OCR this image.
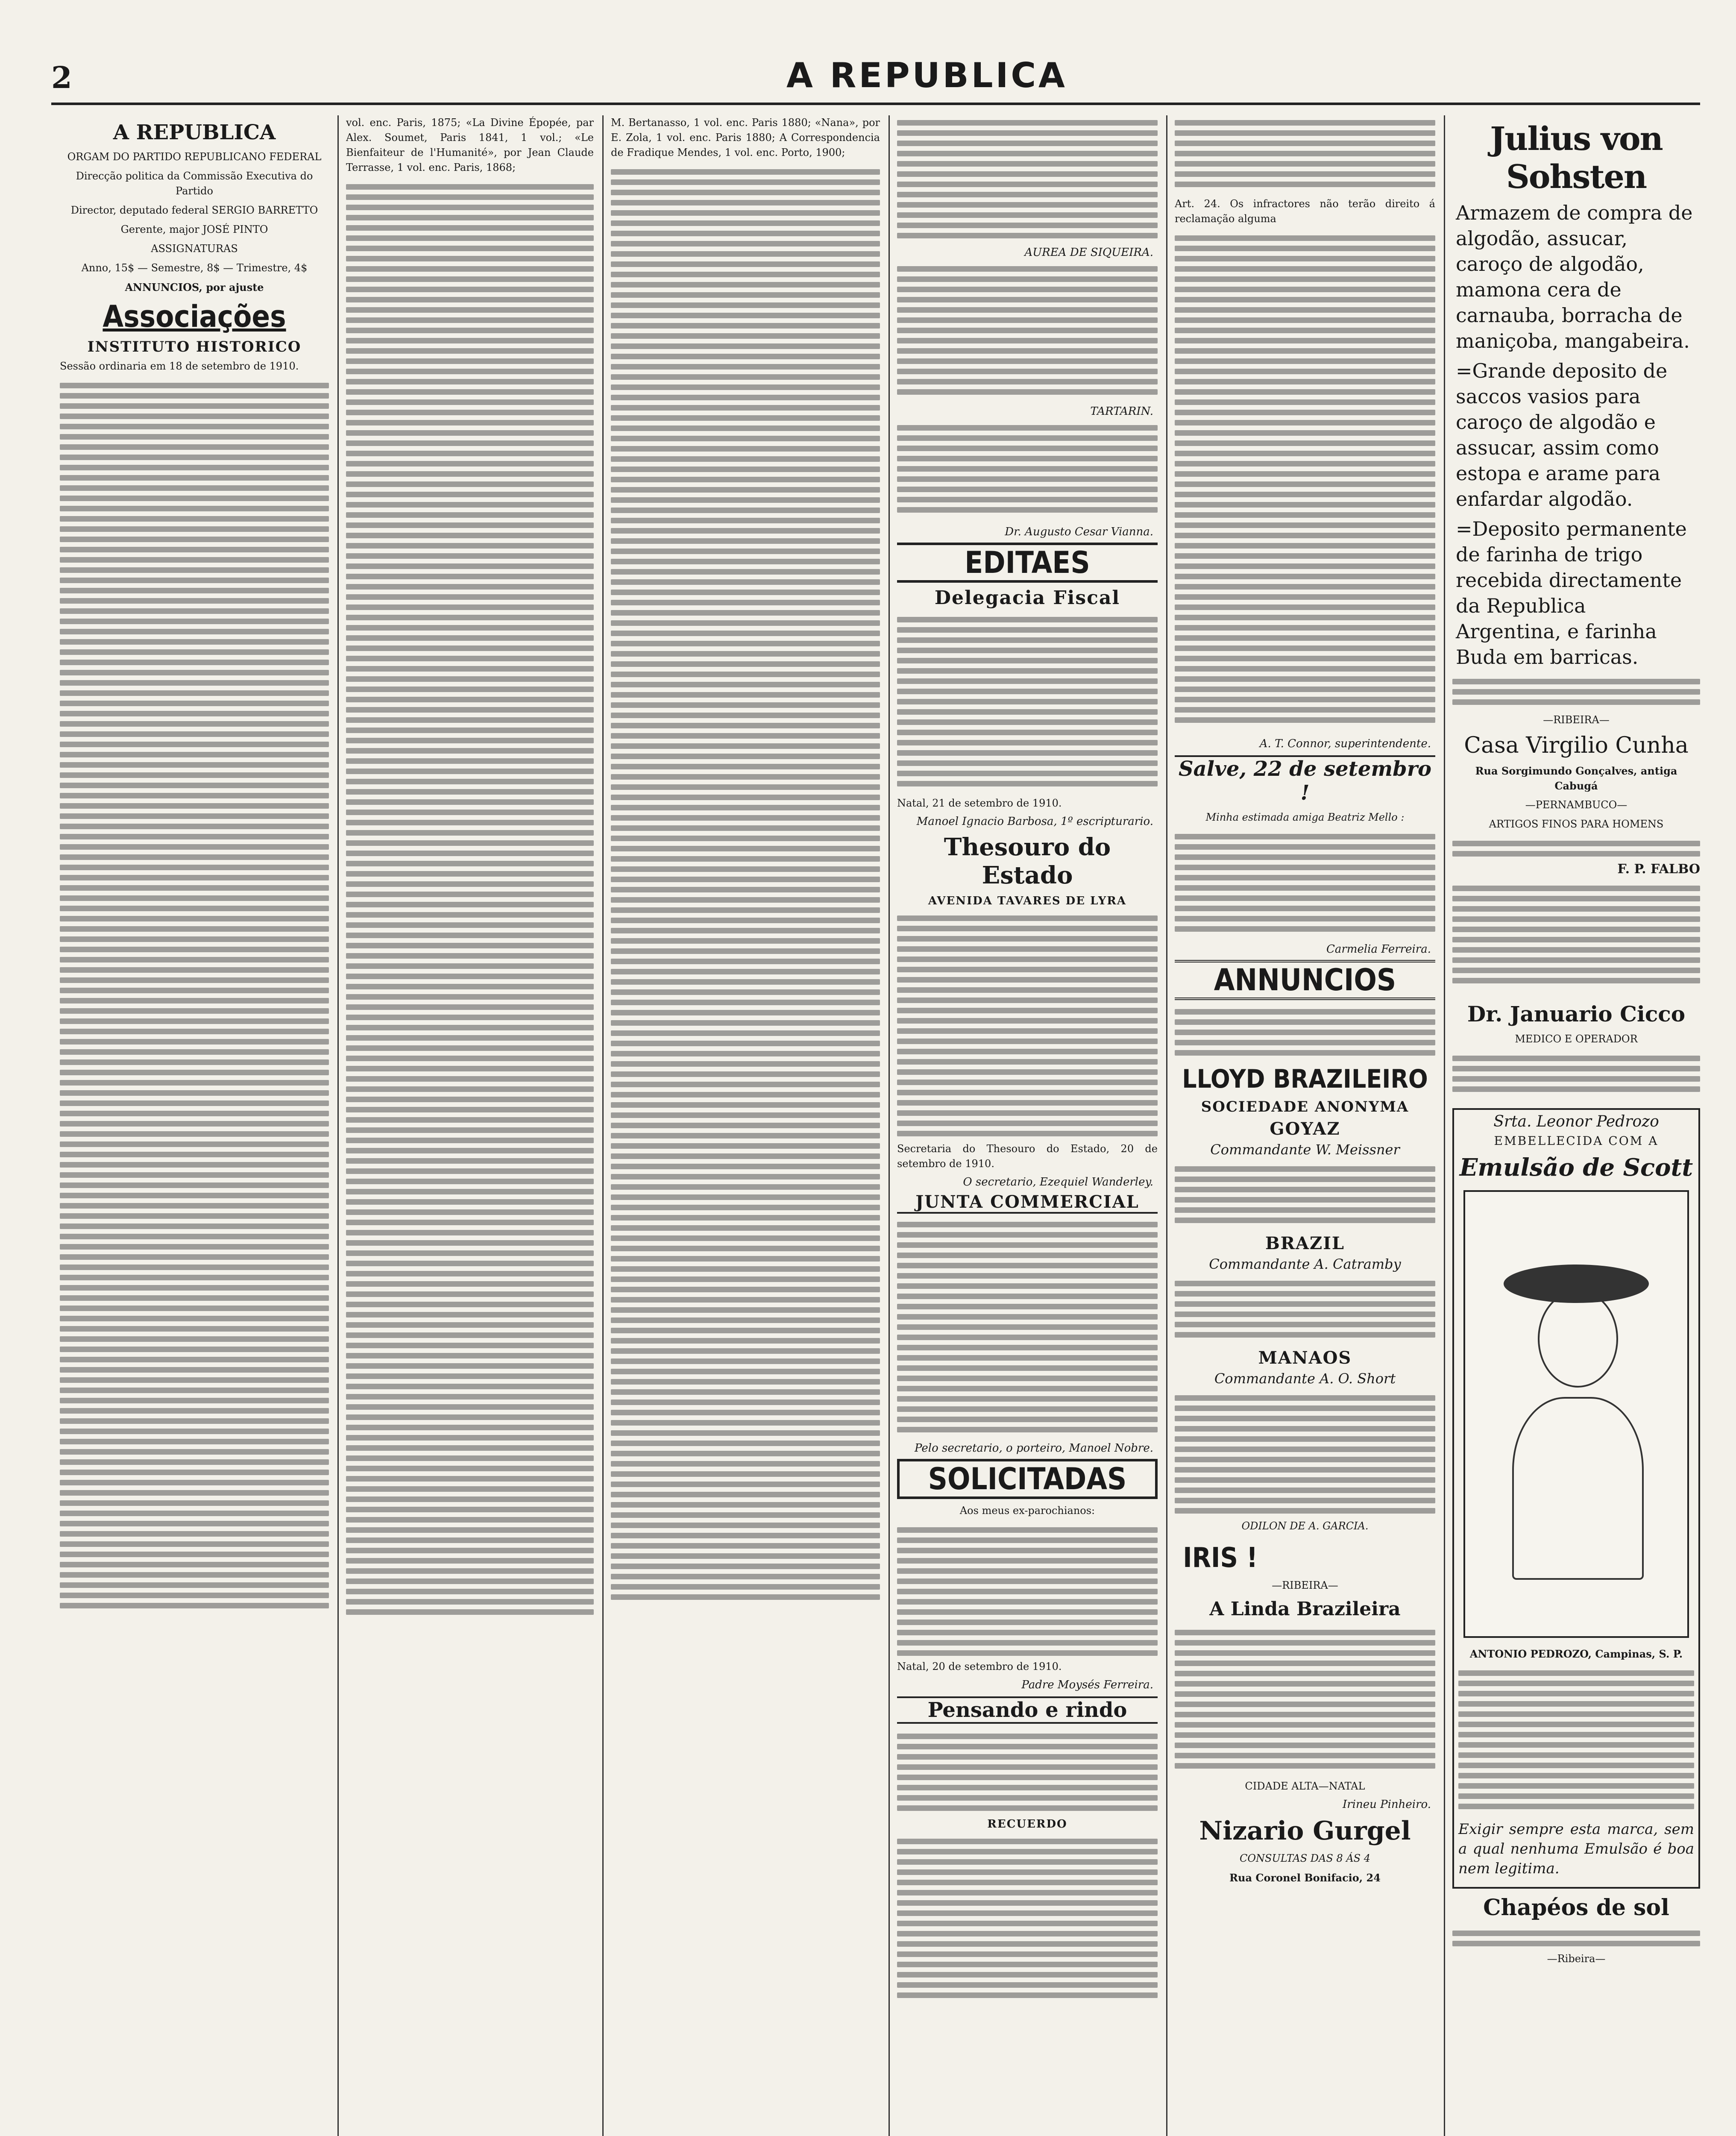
2	A REPUBLICA
A REPUBLICA
ORGAM DO PARTIDO REPUBLICANO FEDERAL
Direcção politica da Commissão Executiva do Partido
Director, deputado federal SERGIO BARRETTO
Gerente, major JOSÉ PINTO
ASSIGNATURAS
Anno, 15$ — Semestre, 8$ — Trimestre, 4$
ANNUNCIOS, por ajuste
Associações
INSTITUTO HISTORICO
Sessão ordinaria em 18 de setembro de 1910.
vol. enc. Paris, 1875; «La Divine Épopée, par Alex. Soumet, Paris 1841, 1 vol.; «Le Bienfaiteur de l'Humanité», por Jean Claude Terrasse, 1 vol. enc. Paris, 1868;
M. Bertanasso, 1 vol. enc. Paris 1880; «Nana», por E. Zola, 1 vol. enc. Paris 1880; A Correspondencia de Fradique Mendes, 1 vol. enc. Porto, 1900;
AUREA DE SIQUEIRA.
TARTARIN.
Dr. Augusto Cesar Vianna.
EDITAES
Delegacia Fiscal
Natal, 21 de setembro de 1910.
Manoel Ignacio Barbosa, 1º escripturario.
Thesouro do Estado
AVENIDA TAVARES DE LYRA
Secretaria do Thesouro do Estado, 20 de setembro de 1910.
O secretario, Ezequiel Wanderley.
JUNTA COMMERCIAL
Pelo secretario, o porteiro, Manoel Nobre.
SOLICITADAS
Aos meus ex-parochianos:
Natal, 20 de setembro de 1910.
Padre Moysés Ferreira.
Pensando e rindo
RECUERDO
Art. 24. Os infractores não terão direito á reclamação alguma
A. T. Connor, superintendente.
Salve, 22 de setembro !
Minha estimada amiga Beatriz Mello :
Carmelia Ferreira.
ANNUNCIOS
LLOYD BRAZILEIRO
SOCIEDADE ANONYMA
GOYAZ
Commandante W. Meissner
BRAZIL
Commandante A. Catramby
MANAOS
Commandante A. O. Short
ODILON DE A. GARCIA.
IRIS !
—RIBEIRA—
A Linda Brazileira
CIDADE ALTA—NATAL
Irineu Pinheiro.
Nizario Gurgel
CONSULTAS DAS 8 ÁS 4
Rua Coronel Bonifacio, 24
Julius von Sohsten
Armazem de compra de algodão, assucar, caroço de algodão, mamona cera de carnauba, borracha de maniçoba, mangabeira.
=Grande deposito de saccos vasios para caroço de algodão e assucar, assim como estopa e arame para enfardar algodão.
=Deposito permanente de farinha de trigo recebida directamente da Republica Argentina, e farinha Buda em barricas.
—RIBEIRA—
Casa Virgilio Cunha
Rua Sorgimundo Gonçalves, antiga Cabugá
—PERNAMBUCO—
ARTIGOS FINOS PARA HOMENS
F. P. FALBO
Dr. Januario Cicco
MEDICO E OPERADOR
Srta. Leonor Pedrozo
EMBELLECIDA COM A
Emulsão de Scott
ANTONIO PEDROZO, Campinas, S. P.
Exigir sempre esta marca, sem a qual nenhuma Emulsão é boa nem legitima.
Chapéos de sol
—Ribeira—
